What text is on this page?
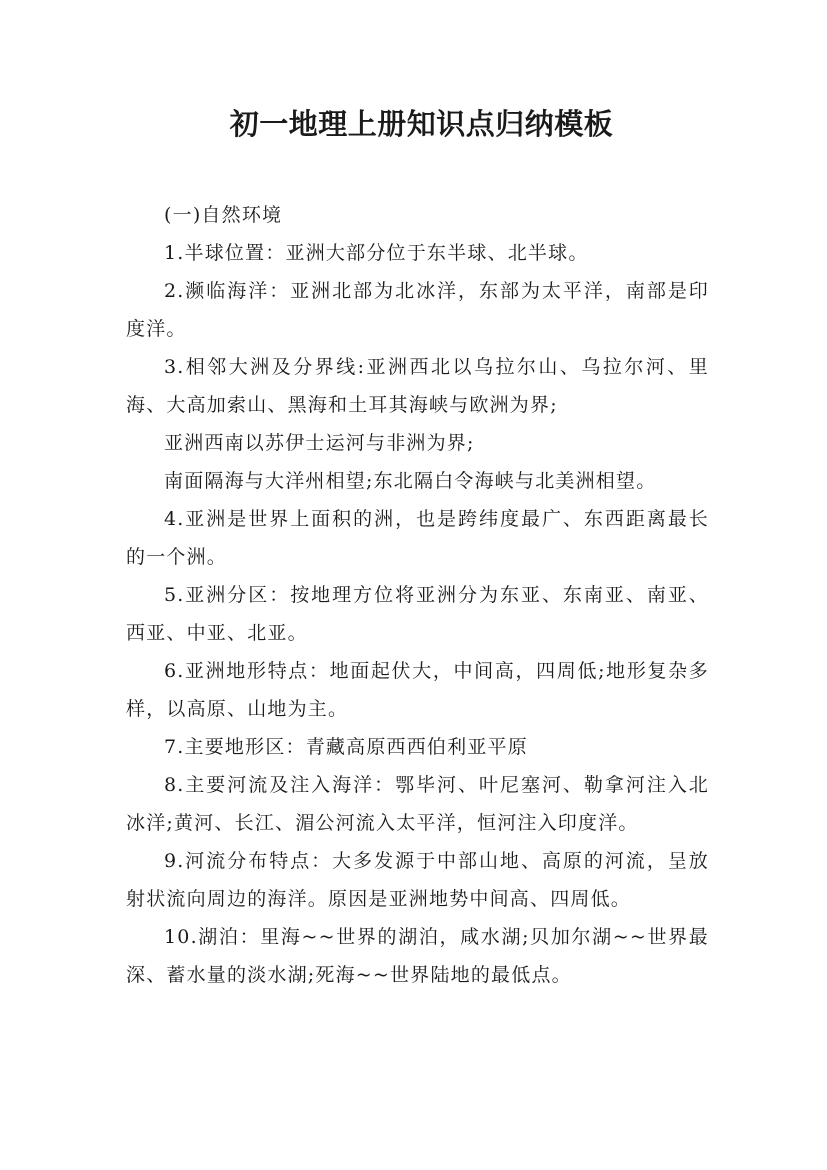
初一地理上册知识点归纳模板

(一)自然环境

1.半球位置：亚洲大部分位于东半球、北半球。

2.濒临海洋：亚洲北部为北冰洋，东部为太平洋，南部是印度洋。

3.相邻大洲及分界线:亚洲西北以乌拉尔山、乌拉尔河、里海、大高加索山、黑海和土耳其海峡与欧洲为界;

亚洲西南以苏伊士运河与非洲为界;

南面隔海与大洋州相望;东北隔白令海峡与北美洲相望。

4.亚洲是世界上面积的洲，也是跨纬度最广、东西距离最长的一个洲。

5.亚洲分区：按地理方位将亚洲分为东亚、东南亚、南亚、西亚、中亚、北亚。

6.亚洲地形特点：地面起伏大，中间高，四周低;地形复杂多样，以高原、山地为主。

7.主要地形区：青藏高原西西伯利亚平原

8.主要河流及注入海洋：鄂毕河、叶尼塞河、勒拿河注入北冰洋;黄河、长江、湄公河流入太平洋，恒河注入印度洋。

9.河流分布特点：大多发源于中部山地、高原的河流，呈放射状流向周边的海洋。原因是亚洲地势中间高、四周低。

10.湖泊：里海~~世界的湖泊，咸水湖;贝加尔湖~~世界最深、蓄水量的淡水湖;死海~~世界陆地的最低点。
